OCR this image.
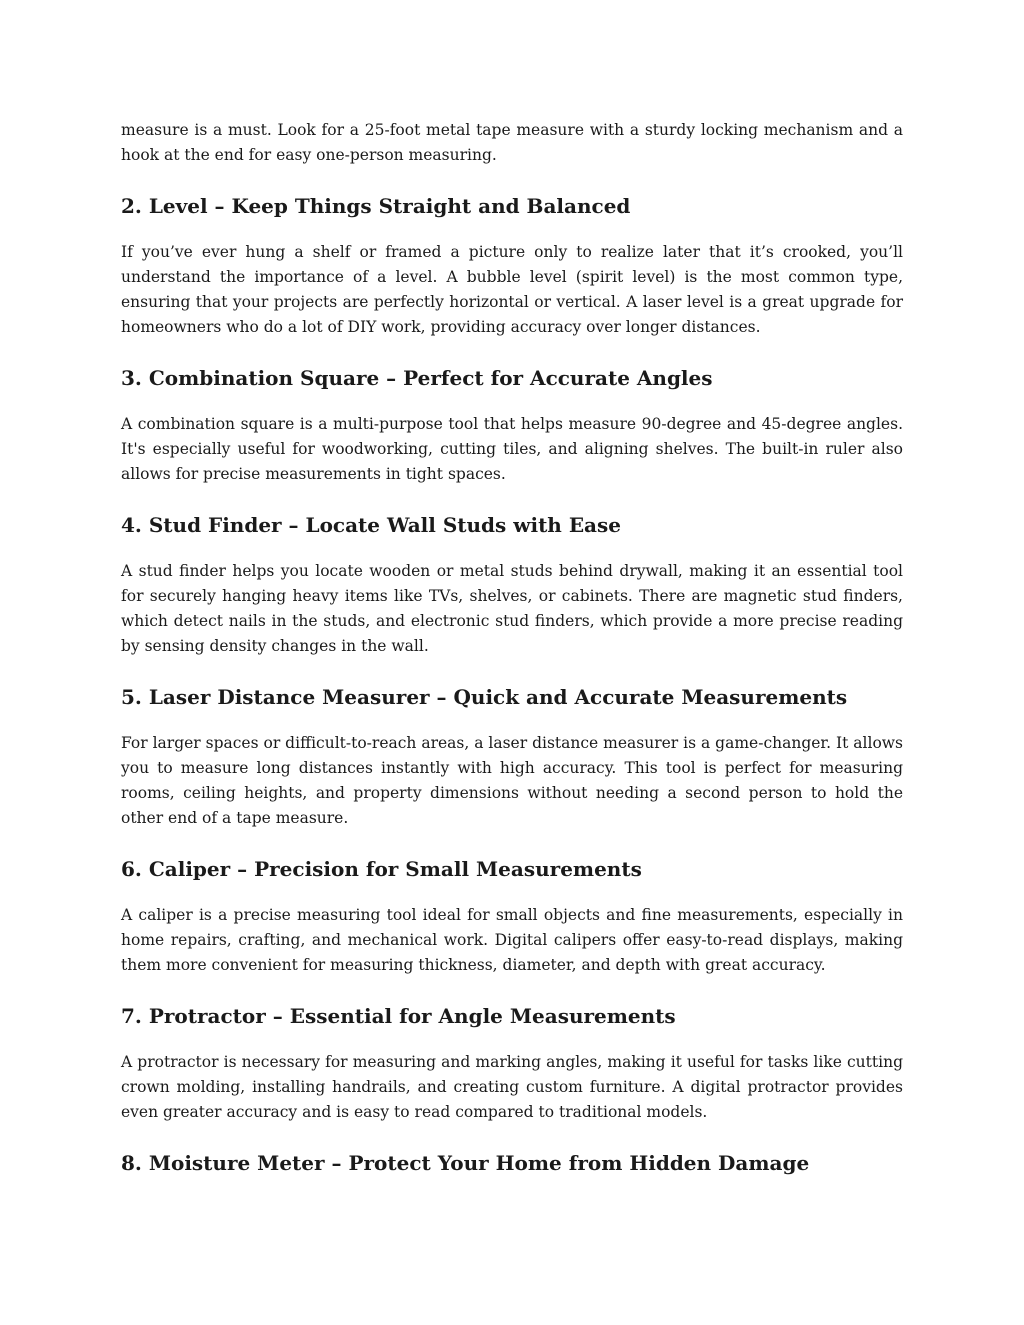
measure is a must. Look for a 25-foot metal tape measure with a sturdy locking mechanism and a hook at the end for easy one-person measuring.

2. Level – Keep Things Straight and Balanced

If you’ve ever hung a shelf or framed a picture only to realize later that it’s crooked, you’ll understand the importance of a level. A bubble level (spirit level) is the most common type, ensuring that your projects are perfectly horizontal or vertical. A laser level is a great upgrade for homeowners who do a lot of DIY work, providing accuracy over longer distances.

3. Combination Square – Perfect for Accurate Angles

A combination square is a multi-purpose tool that helps measure 90-degree and 45-degree angles. It's especially useful for woodworking, cutting tiles, and aligning shelves. The built-in ruler also allows for precise measurements in tight spaces.

4. Stud Finder – Locate Wall Studs with Ease

A stud finder helps you locate wooden or metal studs behind drywall, making it an essential tool for securely hanging heavy items like TVs, shelves, or cabinets. There are magnetic stud finders, which detect nails in the studs, and electronic stud finders, which provide a more precise reading by sensing density changes in the wall.

5. Laser Distance Measurer – Quick and Accurate Measurements

For larger spaces or difficult-to-reach areas, a laser distance measurer is a game-changer. It allows you to measure long distances instantly with high accuracy. This tool is perfect for measuring rooms, ceiling heights, and property dimensions without needing a second person to hold the other end of a tape measure.

6. Caliper – Precision for Small Measurements

A caliper is a precise measuring tool ideal for small objects and fine measurements, especially in home repairs, crafting, and mechanical work. Digital calipers offer easy-to-read displays, making them more convenient for measuring thickness, diameter, and depth with great accuracy.

7. Protractor – Essential for Angle Measurements

A protractor is necessary for measuring and marking angles, making it useful for tasks like cutting crown molding, installing handrails, and creating custom furniture. A digital protractor provides even greater accuracy and is easy to read compared to traditional models.

8. Moisture Meter – Protect Your Home from Hidden Damage
